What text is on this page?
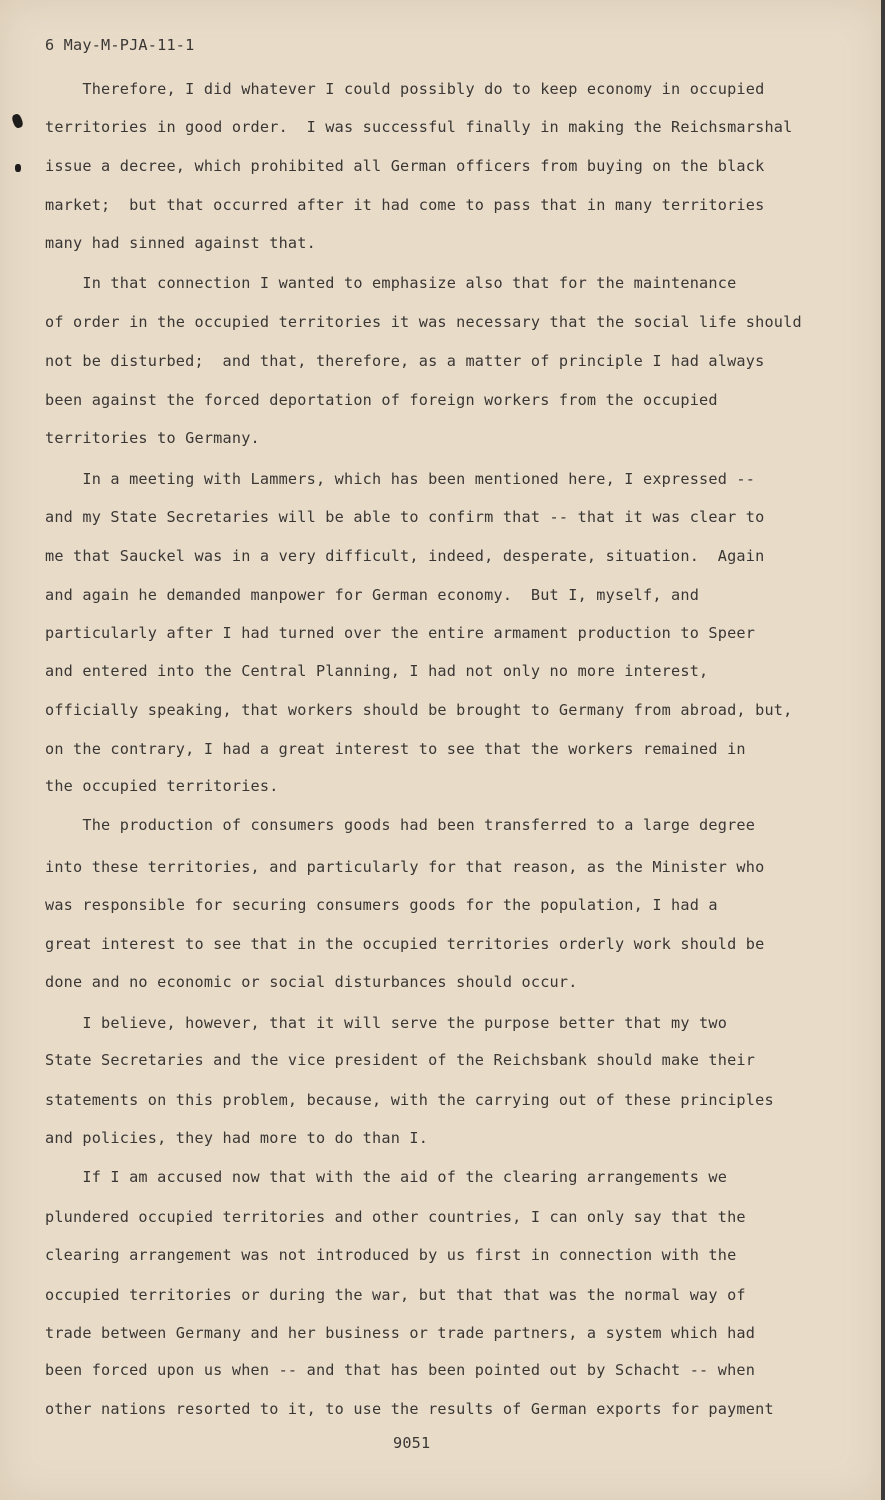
6 May-M-PJA-11-1
Therefore, I did whatever I could possibly do to keep economy in occupied
territories in good order.  I was successful finally in making the Reichsmarshal
issue a decree, which prohibited all German officers from buying on the black
market;  but that occurred after it had come to pass that in many territories
many had sinned against that.
In that connection I wanted to emphasize also that for the maintenance
of order in the occupied territories it was necessary that the social life should
not be disturbed;  and that, therefore, as a matter of principle I had always
been against the forced deportation of foreign workers from the occupied
territories to Germany.
In a meeting with Lammers, which has been mentioned here, I expressed --
and my State Secretaries will be able to confirm that -- that it was clear to
me that Sauckel was in a very difficult, indeed, desperate, situation.  Again
and again he demanded manpower for German economy.  But I, myself, and
particularly after I had turned over the entire armament production to Speer
and entered into the Central Planning, I had not only no more interest,
officially speaking, that workers should be brought to Germany from abroad, but,
on the contrary, I had a great interest to see that the workers remained in
the occupied territories.
The production of consumers goods had been transferred to a large degree
into these territories, and particularly for that reason, as the Minister who
was responsible for securing consumers goods for the population, I had a
great interest to see that in the occupied territories orderly work should be
done and no economic or social disturbances should occur.
I believe, however, that it will serve the purpose better that my two
State Secretaries and the vice president of the Reichsbank should make their
statements on this problem, because, with the carrying out of these principles
and policies, they had more to do than I.
If I am accused now that with the aid of the clearing arrangements we
plundered occupied territories and other countries, I can only say that the
clearing arrangement was not introduced by us first in connection with the
occupied territories or during the war, but that that was the normal way of
trade between Germany and her business or trade partners, a system which had
been forced upon us when -- and that has been pointed out by Schacht -- when
other nations resorted to it, to use the results of German exports for payment
9051
